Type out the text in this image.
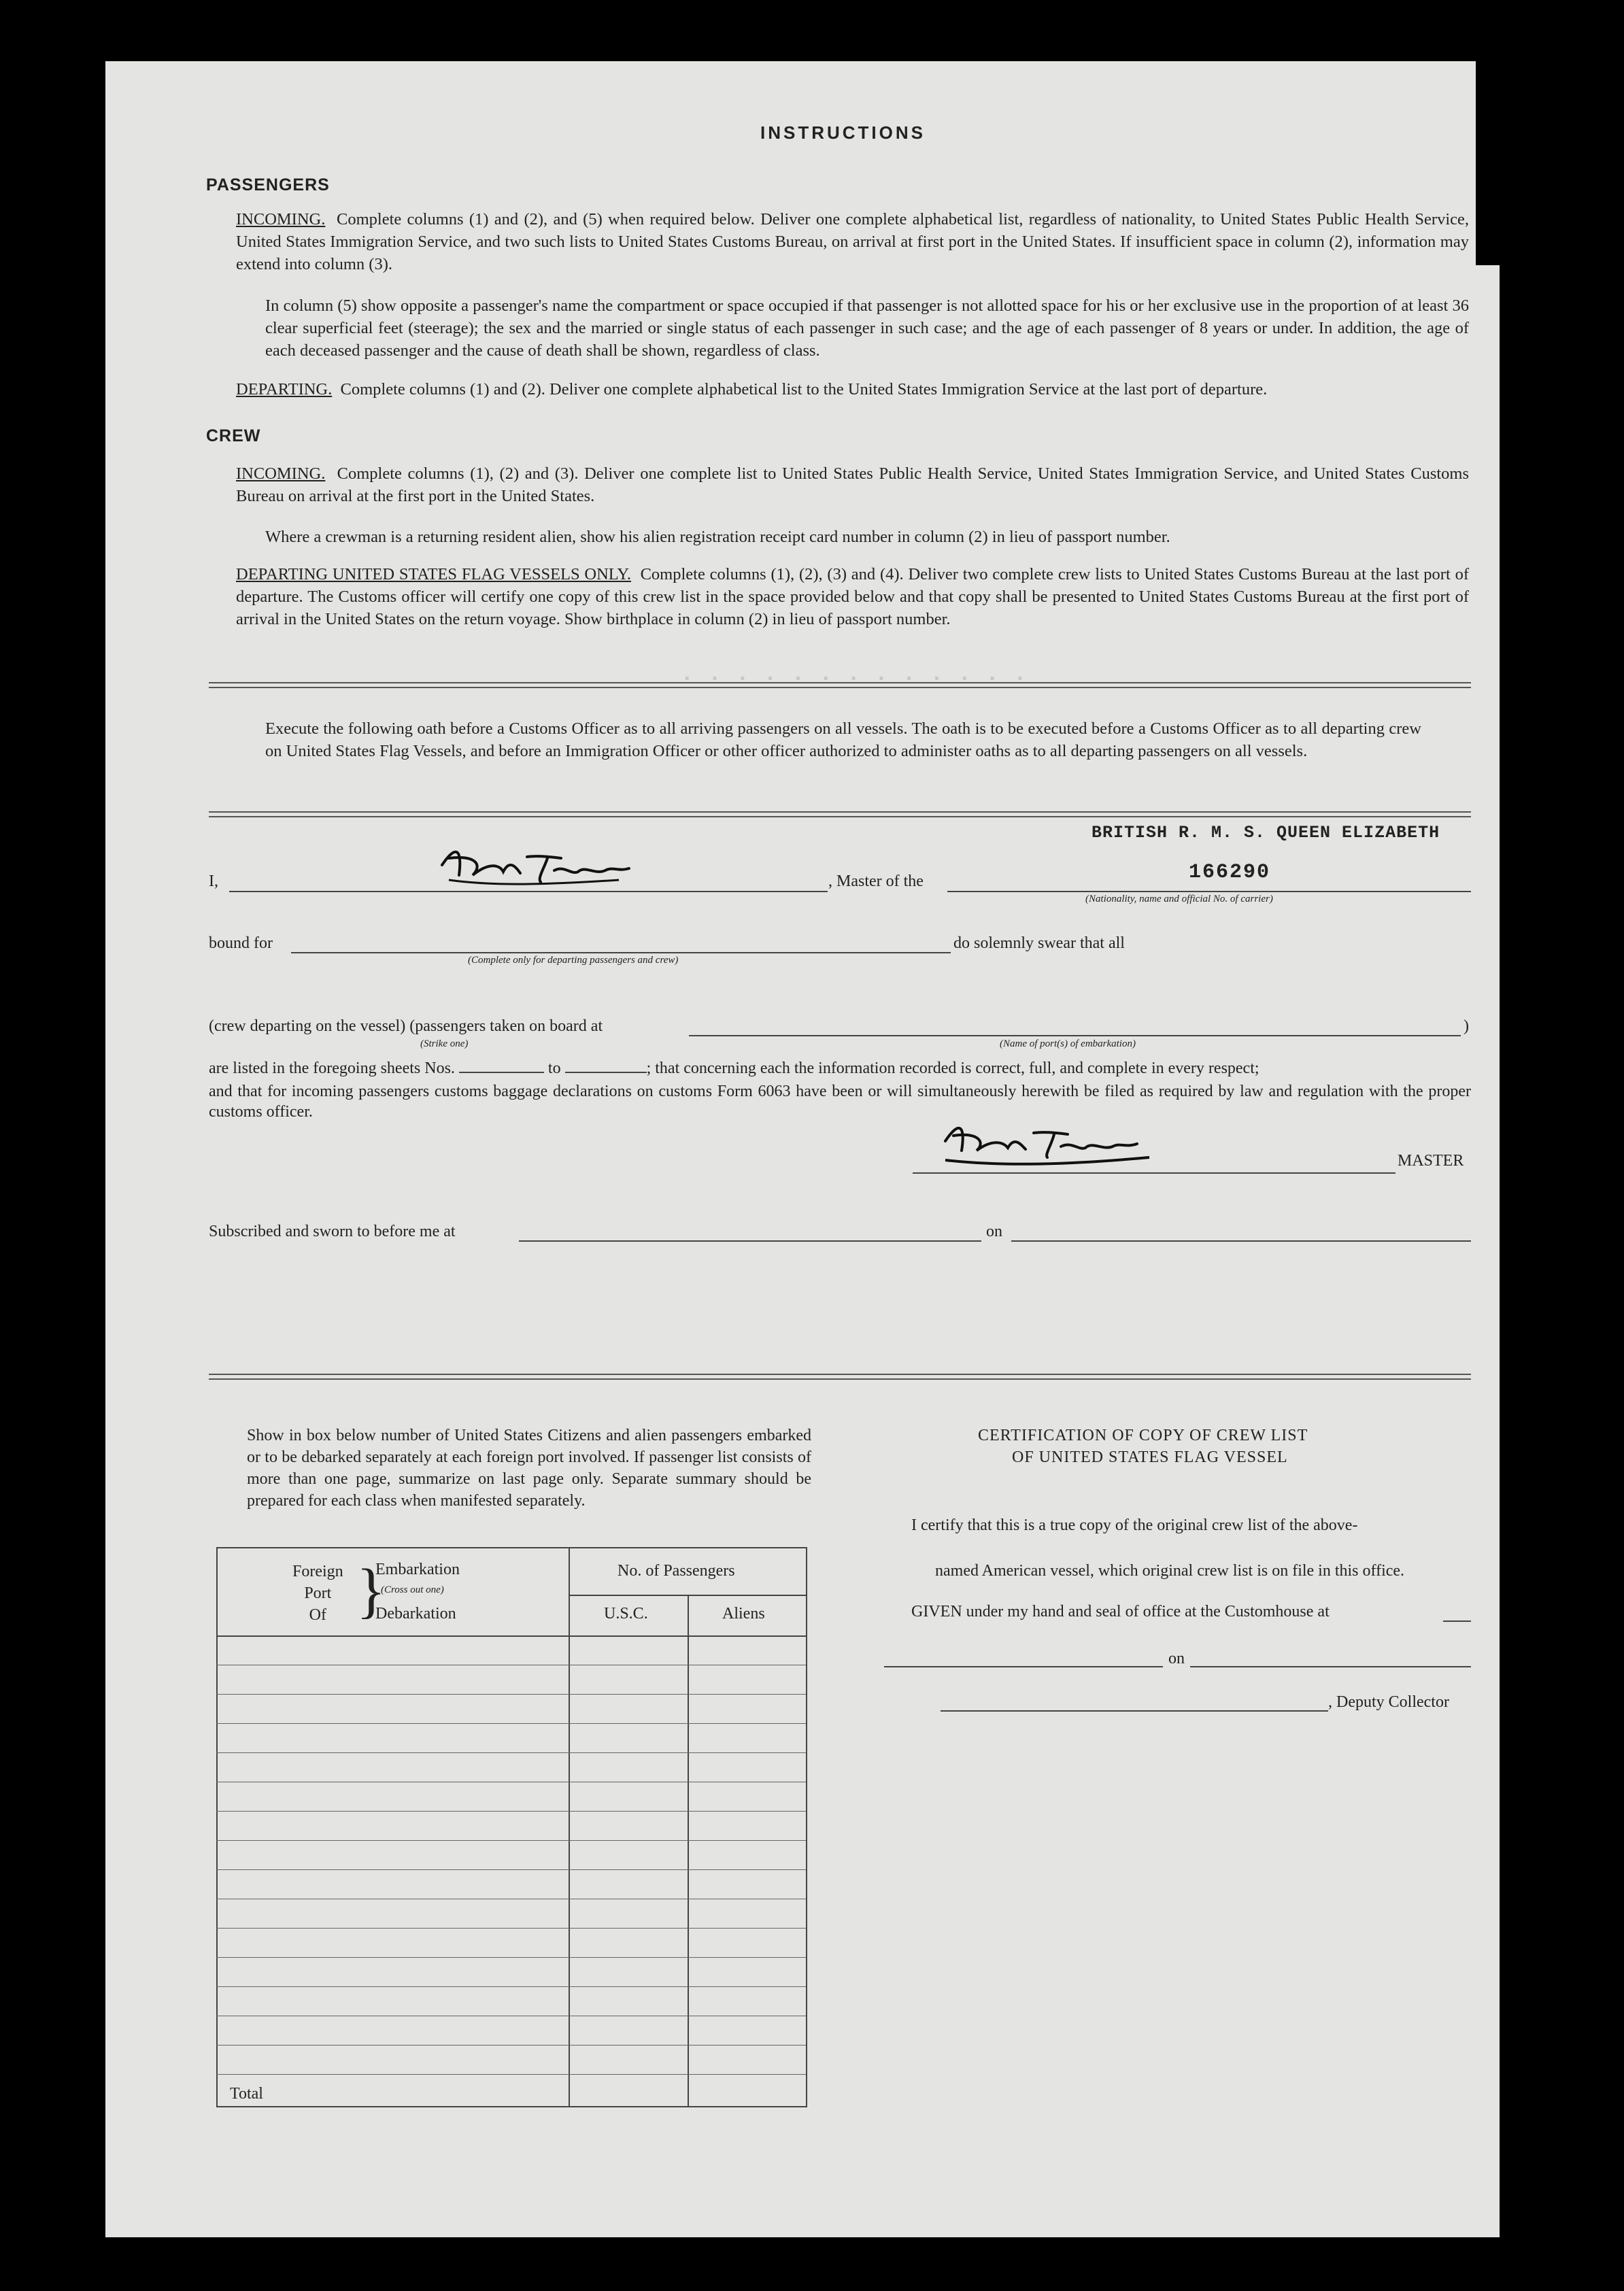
· · · · · · · · · · · · ·
INSTRUCTIONS
PASSENGERS
INCOMING. Complete columns (1) and (2), and (5) when required below. Deliver one complete alphabetical list, regardless of nationality, to United States Public Health Service, United States Immigration Service, and two such lists to United States Customs Bureau, on arrival at first port in the United States. If insufficient space in column (2), information may extend into column (3).
In column (5) show opposite a passenger's name the compartment or space occupied if that passenger is not allotted space for his or her exclusive use in the proportion of at least 36 clear superficial feet (steerage); the sex and the married or single status of each passenger in such case; and the age of each passenger of 8 years or under. In addition, the age of each deceased passenger and the cause of death shall be shown, regardless of class.
DEPARTING. Complete columns (1) and (2). Deliver one complete alphabetical list to the United States Immigration Service at the last port of departure.
CREW
INCOMING. Complete columns (1), (2) and (3). Deliver one complete list to United States Public Health Service, United States Immigration Service, and United States Customs Bureau on arrival at the first port in the United States.
Where a crewman is a returning resident alien, show his alien registration receipt card number in column (2) in lieu of passport number.
DEPARTING UNITED STATES FLAG VESSELS ONLY. Complete columns (1), (2), (3) and (4). Deliver two complete crew lists to United States Customs Bureau at the last port of departure. The Customs officer will certify one copy of this crew list in the space provided below and that copy shall be presented to United States Customs Bureau at the first port of arrival in the United States on the return voyage. Show birthplace in column (2) in lieu of passport number.
Execute the following oath before a Customs Officer as to all arriving passengers on all vessels. The oath is to be executed before a Customs Officer as to all departing crew on United States Flag Vessels, and before an Immigration Officer or other officer authorized to administer oaths as to all departing passengers on all vessels.
I,	, Master of the
BRITISH R. M. S. QUEEN ELIZABETH
166290
(Nationality, name and official No. of carrier)
bound for
(Complete only for departing passengers and crew)
do solemnly swear that all
(crew departing on the vessel) (passengers taken on board at
(Strike one)
)
(Name of port(s) of embarkation)
are listed in the foregoing sheets Nos.	to	; that concerning each the information recorded is correct, full, and complete in every respect;
and that for incoming passengers customs baggage declarations on customs Form 6063 have been or will simultaneously herewith be filed as required by law and regulation with the proper customs officer.
MASTER
Subscribed and sworn to before me at	on
Show in box below number of United States Citizens and alien passengers embarked or to be debarked separately at each foreign port involved. If passenger list consists of more than one page, summarize on last page only. Separate summary should be prepared for each class when manifested separately.
Foreign
Port
Of }
Embarkation
(Cross out one)
Debarkation
No. of Passengers
U.S.C.	Aliens
Total
CERTIFICATION OF COPY OF CREW LIST
OF UNITED STATES FLAG VESSEL
I certify that this is a true copy of the original crew list of the above-
named American vessel, which original crew list is on file in this office.
GIVEN under my hand and seal of office at the Customhouse at
on
, Deputy Collector
